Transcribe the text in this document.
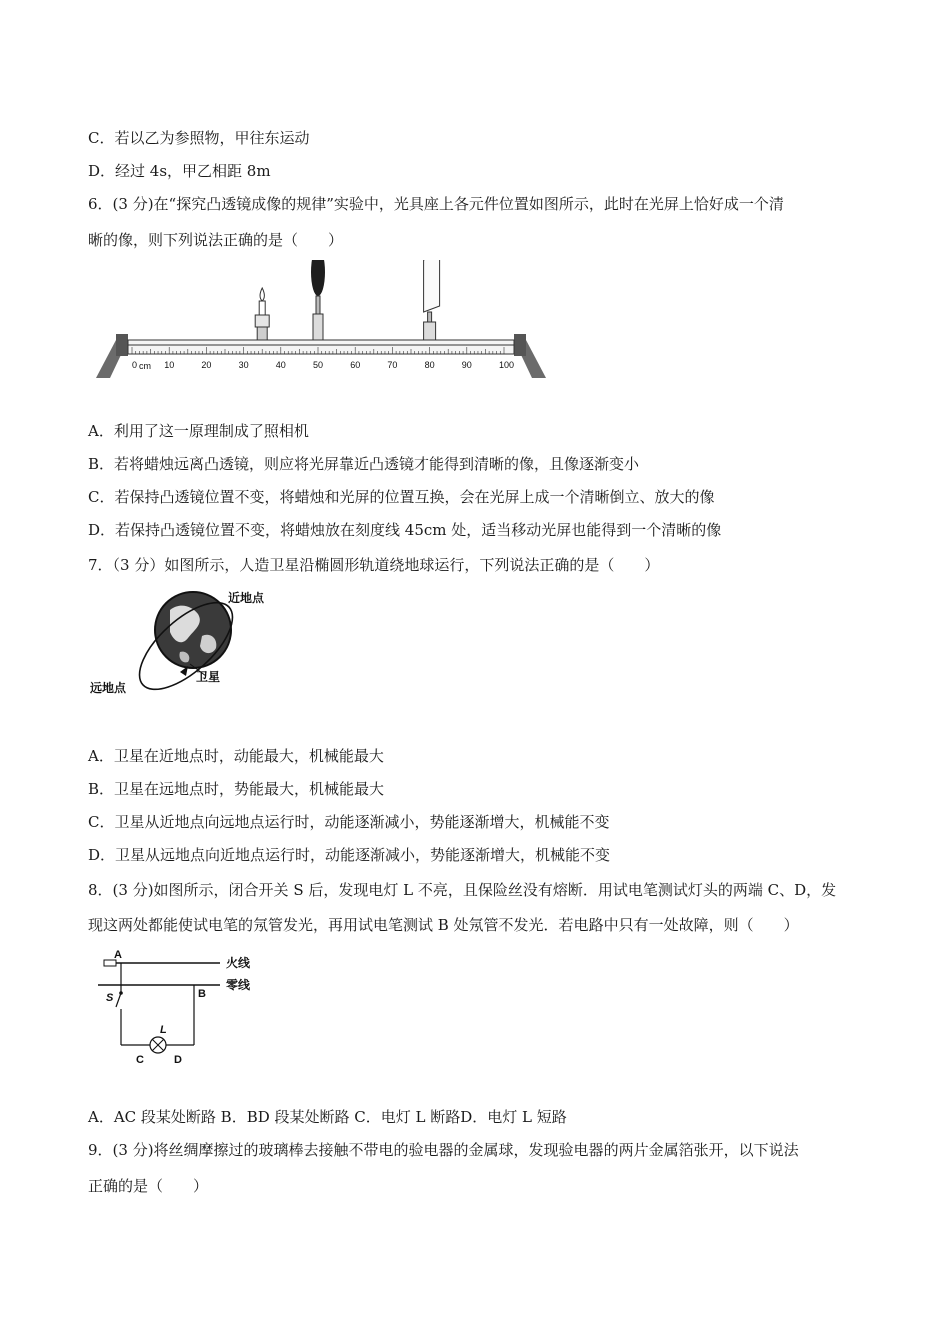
C．若以乙为参照物，甲往东运动
D．经过 4s，甲乙相距 8m
6．(3 分)在“探究凸透镜成像的规律”实验中，光具座上各元件位置如图所示，此时在光屏上恰好成一个清
晰的像，则下列说法正确的是（　　）
0	10	20	30	40	50	60	70	80	90	100
cm
A．利用了这一原理制成了照相机
B．若将蜡烛远离凸透镜，则应将光屏靠近凸透镜才能得到清晰的像，且像逐渐变小
C．若保持凸透镜位置不变，将蜡烛和光屏的位置互换，会在光屏上成一个清晰倒立、放大的像
D．若保持凸透镜位置不变，将蜡烛放在刻度线 45cm 处，适当移动光屏也能得到一个清晰的像
7．（3 分）如图所示，人造卫星沿椭圆形轨道绕地球运行，下列说法正确的是（　　）
近地点
卫星
远地点
A．卫星在近地点时，动能最大，机械能最大
B．卫星在远地点时，势能最大，机械能最大
C．卫星从近地点向远地点运行时，动能逐渐减小，势能逐渐增大，机械能不变
D．卫星从远地点向近地点运行时，动能逐渐减小，势能逐渐增大，机械能不变
8．(3 分)如图所示，闭合开关 S 后，发现电灯 L 不亮，且保险丝没有熔断．用试电笔测试灯头的两端 C、D，发
现这两处都能使试电笔的氖管发光，再用试电笔测试 B 处氖管不发光．若电路中只有一处故障，则（　　）
火线
零线
A
S	B
L
C	D
A．AC 段某处断路 B．BD 段某处断路 C．电灯 L 断路D．电灯 L 短路
9．(3 分)将丝绸摩擦过的玻璃棒去接触不带电的验电器的金属球，发现验电器的两片金属箔张开，以下说法
正确的是（　　）
